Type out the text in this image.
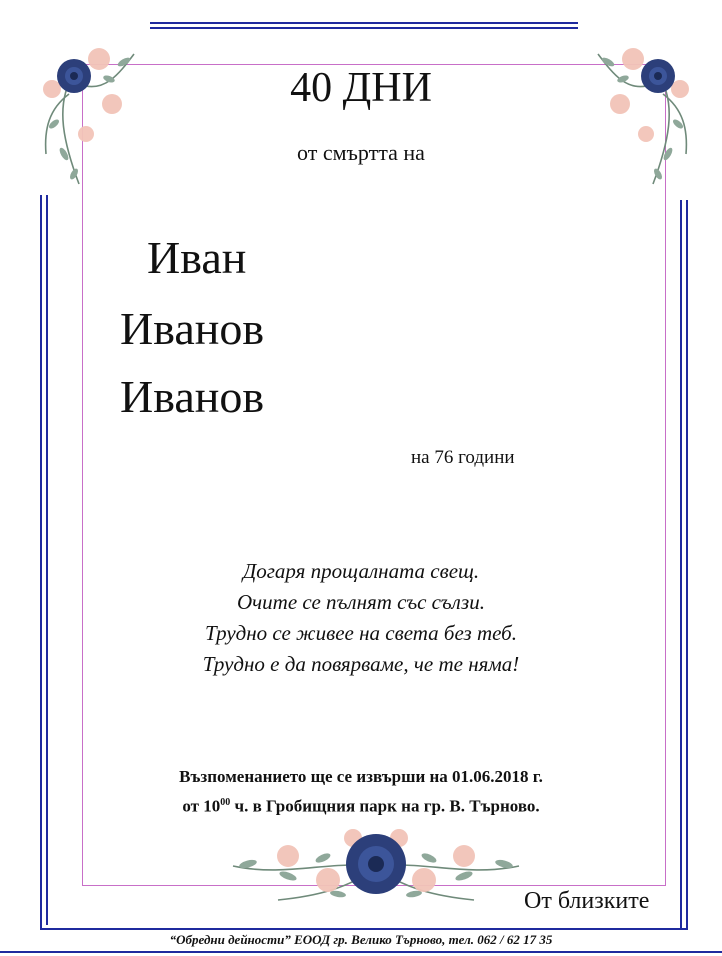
40 ДНИ
от смъртта на
Иван
Иванов
Иванов
на 76 години
Догаря прощалната свещ.
Очите се пълнят със сълзи.
Трудно се живее на света без теб.
Трудно е да повярваме, че те няма!
Възпоменанието ще се извърши на 01.06.2018 г.
от $10^{00}$ ч. в Гробищния парк на гр. В. Търново.
От близките
“Обредни дейности” ЕООД гр. Велико Търново, тел. 062 / 62 17 35
